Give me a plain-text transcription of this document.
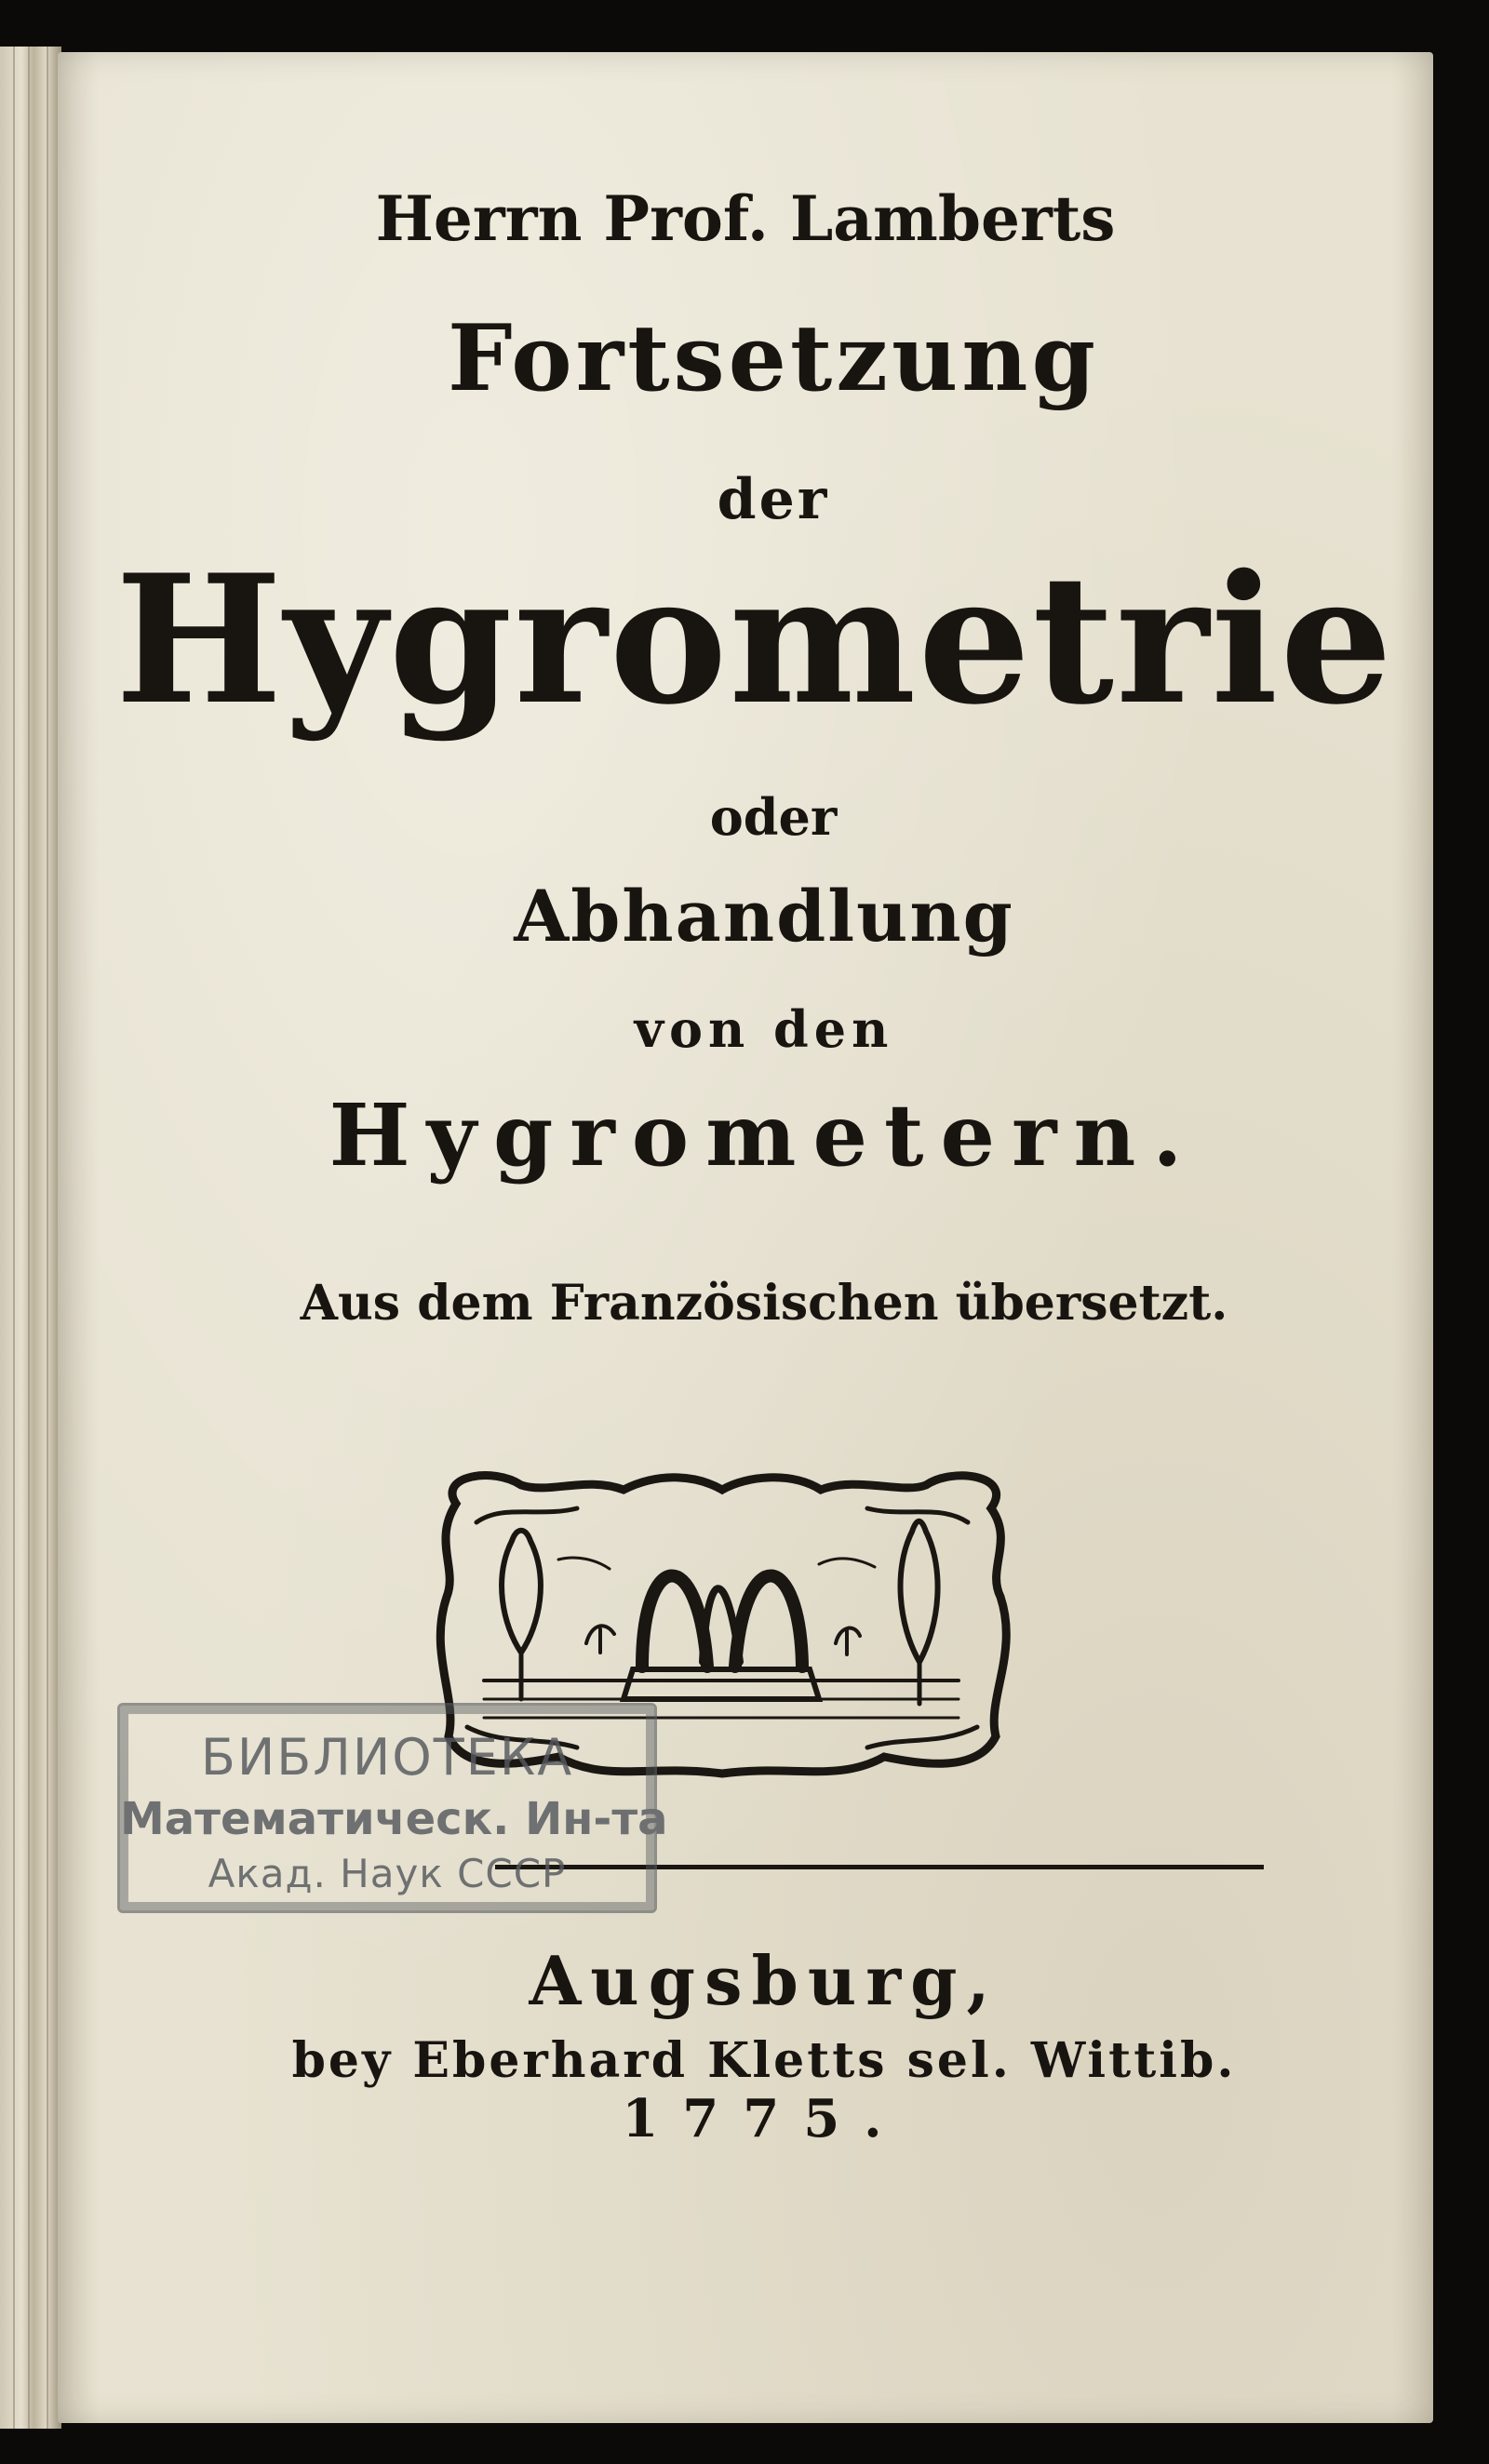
Herrn Prof. Lamberts
Fortsetzung
der
Hygrometrie
oder
Abhandlung
von den
Hygrometern.
Aus dem Französischen übersetzt.
Augsburg,
bey Eberhard Kletts sel. Wittib.
1775.
БИБЛИОТЕКА
Математическ. Ин-та
Акад. Наук СССР
